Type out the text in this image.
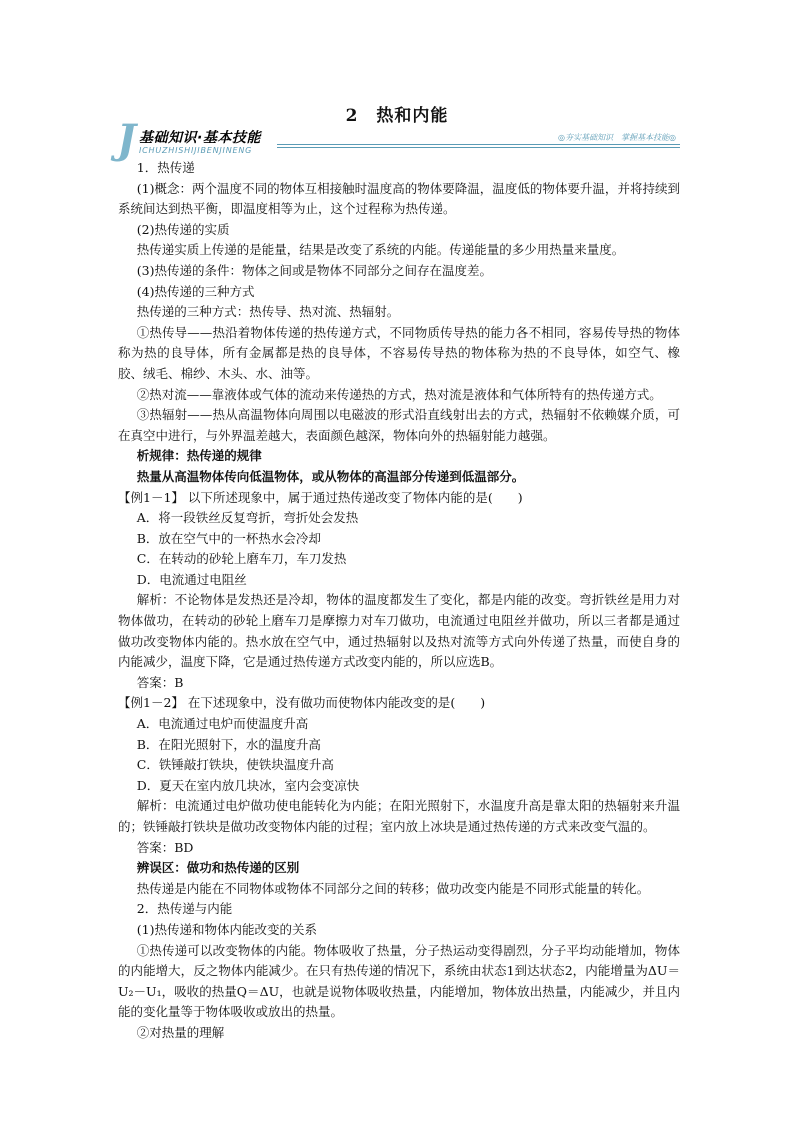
2　热和内能
J 基础知识·基本技能
ICHUZHISHIJIBENJINENG
◎夯实基础知识　掌握基本技能◎

1．热传递

(1)概念：两个温度不同的物体互相接触时温度高的物体要降温，温度低的物体要升温，并将持续到系统间达到热平衡，即温度相等为止，这个过程称为热传递。

(2)热传递的实质

热传递实质上传递的是能量，结果是改变了系统的内能。传递能量的多少用热量来量度。

(3)热传递的条件：物体之间或是物体不同部分之间存在温度差。

(4)热传递的三种方式

热传递的三种方式：热传导、热对流、热辐射。

①热传导——热沿着物体传递的热传递方式，不同物质传导热的能力各不相同，容易传导热的物体称为热的良导体，所有金属都是热的良导体，不容易传导热的物体称为热的不良导体，如空气、橡胶、绒毛、棉纱、木头、水、油等。

②热对流——靠液体或气体的流动来传递热的方式，热对流是液体和气体所特有的热传递方式。

③热辐射——热从高温物体向周围以电磁波的形式沿直线射出去的方式，热辐射不依赖媒介质，可在真空中进行，与外界温差越大，表面颜色越深，物体向外的热辐射能力越强。

析规律：热传递的规律

热量从高温物体传向低温物体，或从物体的高温部分传递到低温部分。

【例1－1】 以下所述现象中，属于通过热传递改变了物体内能的是(　　)

A．将一段铁丝反复弯折，弯折处会发热

B．放在空气中的一杯热水会冷却

C．在转动的砂轮上磨车刀，车刀发热

D．电流通过电阻丝

解析：不论物体是发热还是冷却，物体的温度都发生了变化，都是内能的改变。弯折铁丝是用力对物体做功，在转动的砂轮上磨车刀是摩擦力对车刀做功，电流通过电阻丝并做功，所以三者都是通过做功改变物体内能的。热水放在空气中，通过热辐射以及热对流等方式向外传递了热量，而使自身的内能减少，温度下降，它是通过热传递方式改变内能的，所以应选B。

答案：B

【例1－2】 在下述现象中，没有做功而使物体内能改变的是(　　)

A．电流通过电炉而使温度升高

B．在阳光照射下，水的温度升高

C．铁锤敲打铁块，使铁块温度升高

D．夏天在室内放几块冰，室内会变凉快

解析：电流通过电炉做功使电能转化为内能；在阳光照射下，水温度升高是靠太阳的热辐射来升温的；铁锤敲打铁块是做功改变物体内能的过程；室内放上冰块是通过热传递的方式来改变气温的。

答案：BD

辨误区：做功和热传递的区别

热传递是内能在不同物体或物体不同部分之间的转移；做功改变内能是不同形式能量的转化。

2．热传递与内能

(1)热传递和物体内能改变的关系

①热传递可以改变物体的内能。物体吸收了热量，分子热运动变得剧烈，分子平均动能增加，物体的内能增大，反之物体内能减少。在只有热传递的情况下，系统由状态1到达状态2，内能增量为ΔU＝U₂－U₁，吸收的热量Q＝ΔU，也就是说物体吸收热量，内能增加，物体放出热量，内能减少，并且内能的变化量等于物体吸收或放出的热量。

②对热量的理解
